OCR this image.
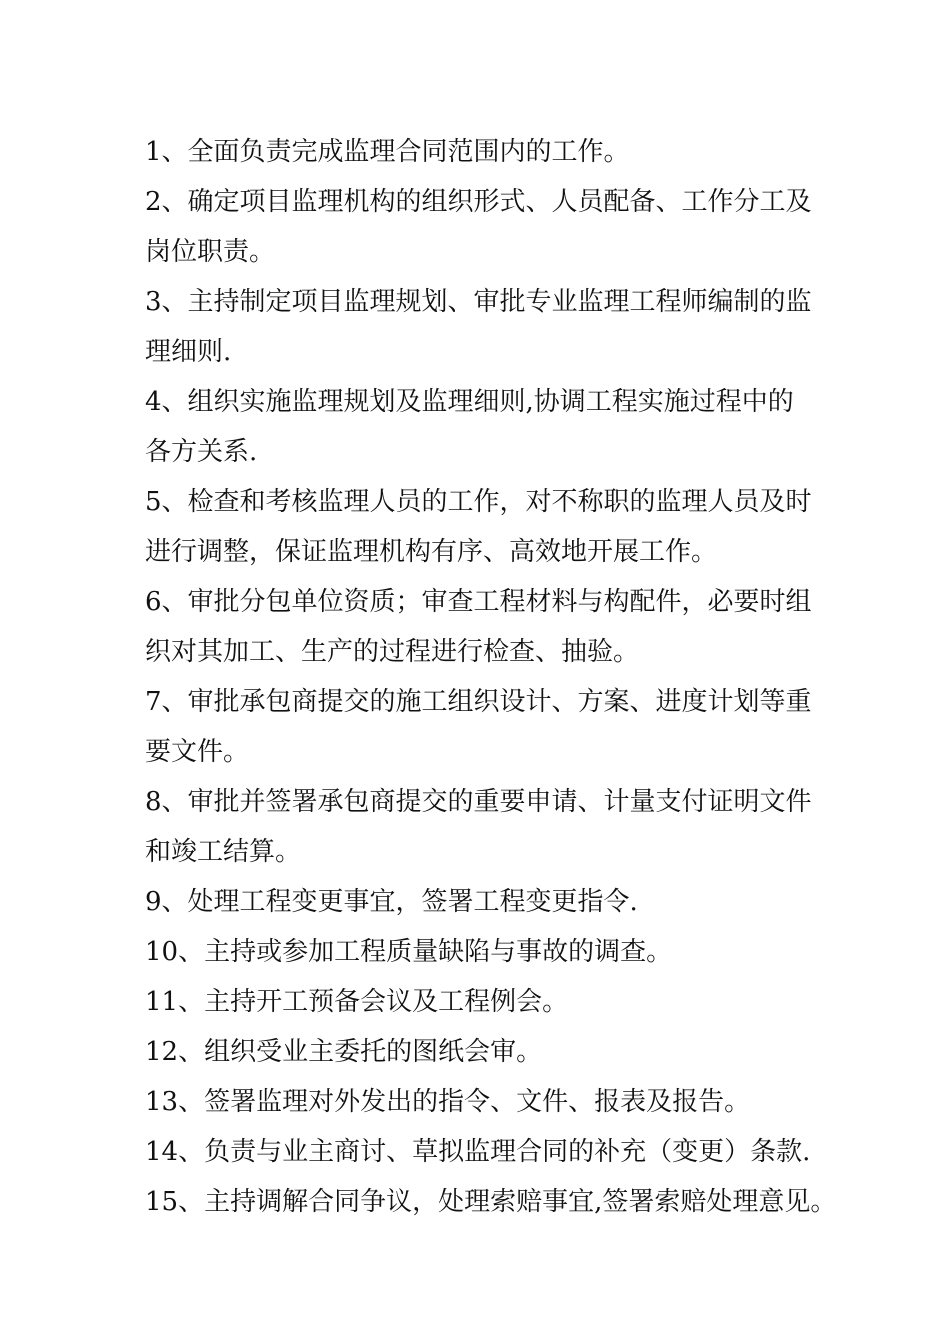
1、全面负责完成监理合同范围内的工作。

2、确定项目监理机构的组织形式、人员配备、工作分工及

岗位职责。

3、主持制定项目监理规划、审批专业监理工程师编制的监

理细则.

4、组织实施监理规划及监理细则,协调工程实施过程中的

各方关系.

5、检查和考核监理人员的工作，对不称职的监理人员及时

进行调整，保证监理机构有序、高效地开展工作。

6、审批分包单位资质；审查工程材料与构配件，必要时组

织对其加工、生产的过程进行检查、抽验。

7、审批承包商提交的施工组织设计、方案、进度计划等重

要文件。

8、审批并签署承包商提交的重要申请、计量支付证明文件

和竣工结算。

9、处理工程变更事宜，签署工程变更指令.

10、主持或参加工程质量缺陷与事故的调查。

11、主持开工预备会议及工程例会。

12、组织受业主委托的图纸会审。

13、签署监理对外发出的指令、文件、报表及报告。

14、负责与业主商讨、草拟监理合同的补充（变更）条款.

15、主持调解合同争议，处理索赔事宜,签署索赔处理意见。
